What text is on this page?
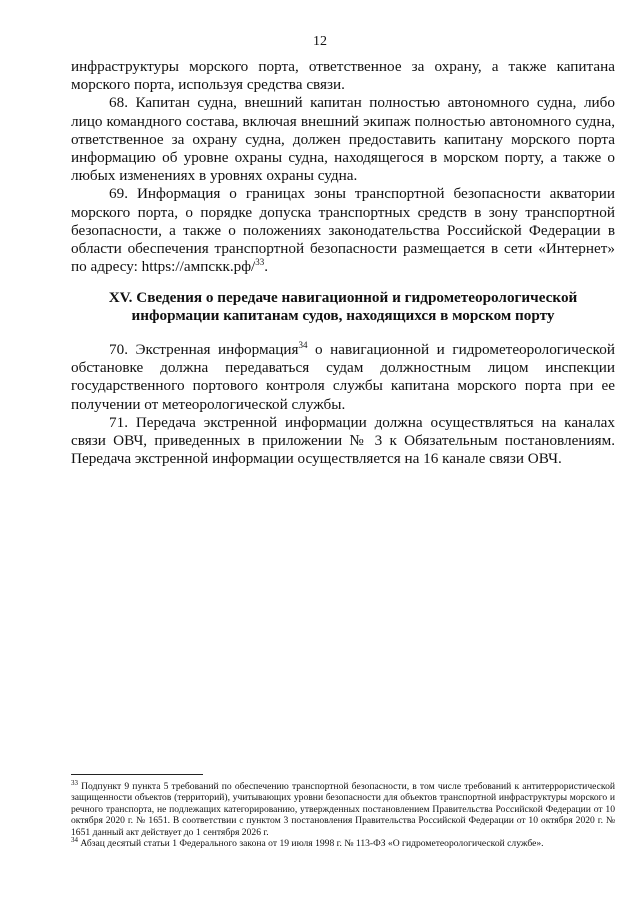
12

инфраструктуры морского порта, ответственное за охрану, а также капитана морского порта, используя средства связи.

68. Капитан судна, внешний капитан полностью автономного судна, либо лицо командного состава, включая внешний экипаж полностью автономного судна, ответственное за охрану судна, должен предоставить капитану морского порта информацию об уровне охраны судна, находящегося в морском порту, а также о любых изменениях в уровнях охраны судна.

69. Информация о границах зоны транспортной безопасности акватории морского порта, о порядке допуска транспортных средств в зону транспортной безопасности, а также о положениях законодательства Российской Федерации в области обеспечения транспортной безопасности размещается в сети «Интернет» по адресу: https://ампскк.рф/$^{33}$.

XV. Сведения о передаче навигационной и гидрометеорологической информации капитанам судов, находящихся в морском порту

70. Экстренная информация$^{34}$ о навигационной и гидрометеорологической обстановке должна передаваться судам должностным лицом инспекции государственного портового контроля службы капитана морского порта при ее получении от метеорологической службы.

71. Передача экстренной информации должна осуществляться на каналах связи ОВЧ, приведенных в приложении № 3 к Обязательным постановлениям. Передача экстренной информации осуществляется на 16 канале связи ОВЧ.

$^{33}$ Подпункт 9 пункта 5 требований по обеспечению транспортной безопасности, в том числе требований к антитеррористической защищенности объектов (территорий), учитывающих уровни безопасности для объектов транспортной инфраструктуры морского и речного транспорта, не подлежащих категорированию, утвержденных постановлением Правительства Российской Федерации от 10 октября 2020 г. № 1651. В соответствии с пунктом 3 постановления Правительства Российской Федерации от 10 октября 2020 г. № 1651 данный акт действует до 1 сентября 2026 г.

$^{34}$ Абзац десятый статьи 1 Федерального закона от 19 июля 1998 г. № 113-ФЗ «О гидрометеорологической службе».
